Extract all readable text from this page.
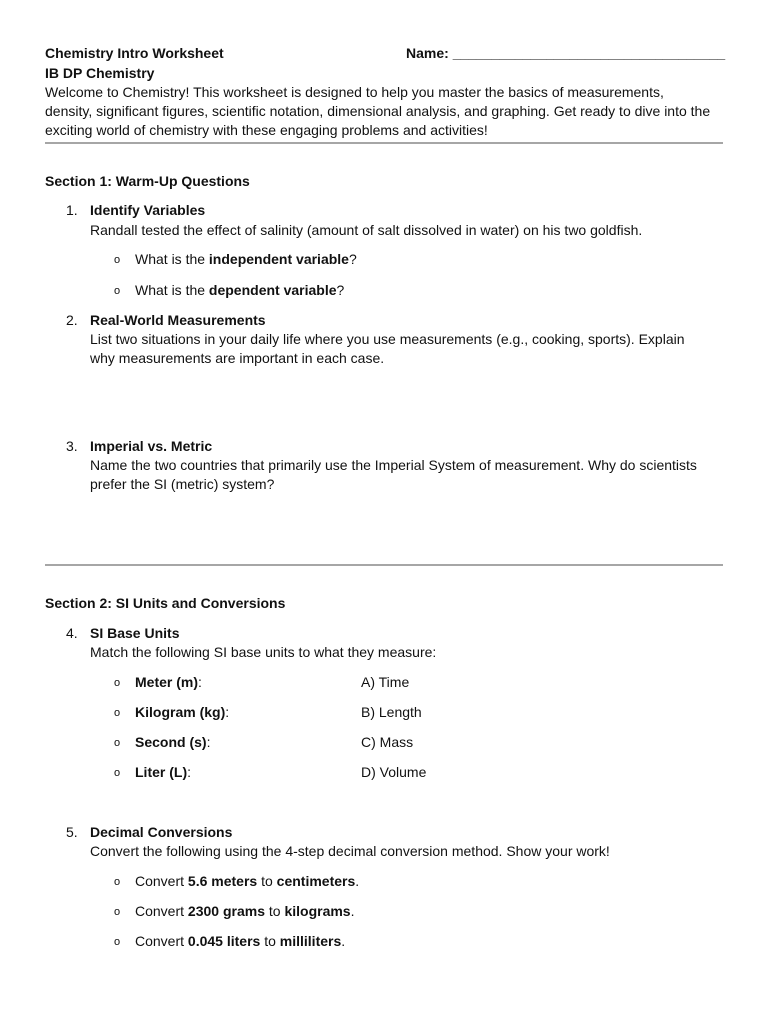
Chemistry Intro Worksheet	Name: ___________________________________
IB DP Chemistry
Welcome to Chemistry! This worksheet is designed to help you master the basics of measurements, density, significant figures, scientific notation, dimensional analysis, and graphing. Get ready to dive into the exciting world of chemistry with these engaging problems and activities!
Section 1: Warm-Up Questions
1. Identify Variables
Randall tested the effect of salinity (amount of salt dissolved in water) on his two goldfish.
o What is the independent variable?
o What is the dependent variable?
2. Real-World Measurements
List two situations in your daily life where you use measurements (e.g., cooking, sports). Explain why measurements are important in each case.
3. Imperial vs. Metric
Name the two countries that primarily use the Imperial System of measurement. Why do scientists prefer the SI (metric) system?
Section 2: SI Units and Conversions
4. SI Base Units
Match the following SI base units to what they measure:
o Meter (m):	A) Time
o Kilogram (kg):	B) Length
o Second (s):	C) Mass
o Liter (L):	D) Volume
5. Decimal Conversions
Convert the following using the 4-step decimal conversion method. Show your work!
o Convert 5.6 meters to centimeters.
o Convert 2300 grams to kilograms.
o Convert 0.045 liters to milliliters.
